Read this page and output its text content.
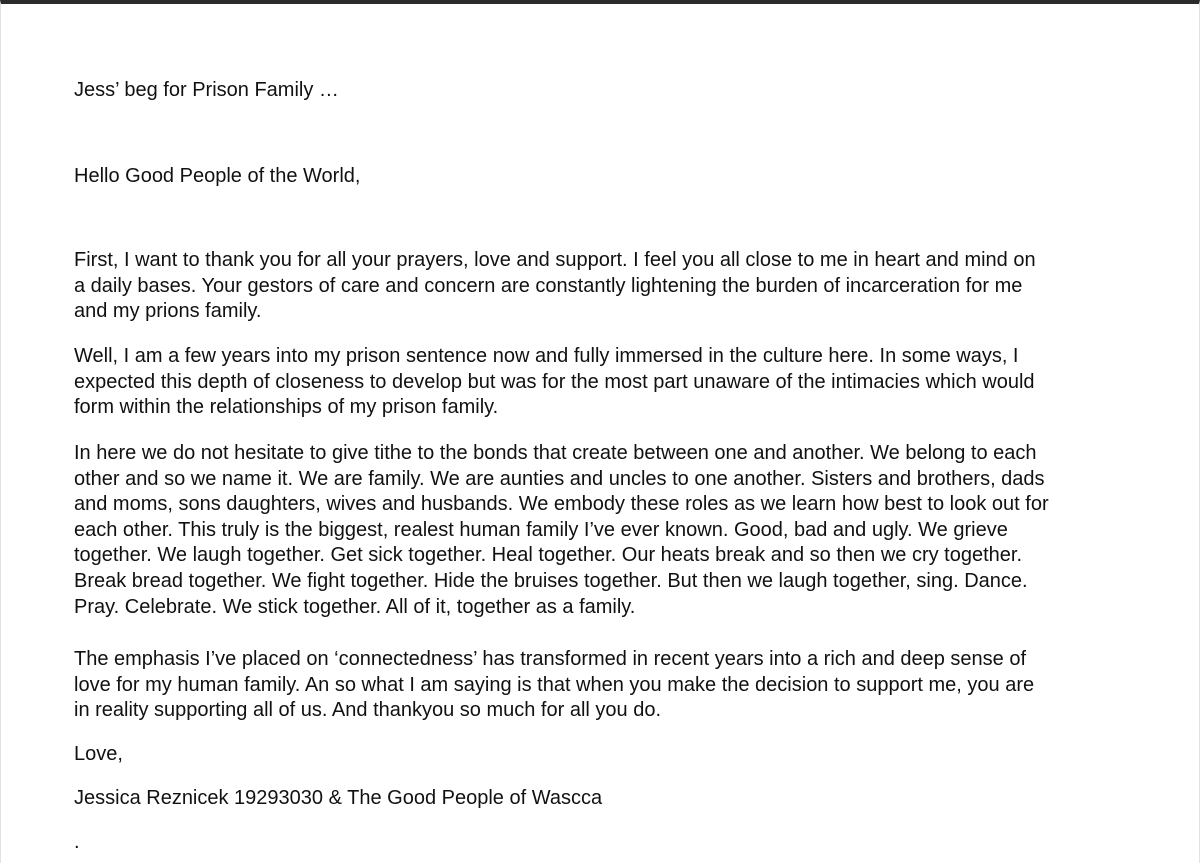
Jess’ beg for Prison Family …

Hello Good People of the World,

First, I want to thank you for all your prayers, love and support. I feel you all close to me in heart and mind on
a daily bases. Your gestors of care and concern are constantly lightening the burden of incarceration for me
and my prions family.

Well, I am a few years into my prison sentence now and fully immersed in the culture here. In some ways, I
expected this depth of closeness to develop but was for the most part unaware of the intimacies which would
form within the relationships of my prison family.

In here we do not hesitate to give tithe to the bonds that create between one and another. We belong to each
other and so we name it. We are family. We are aunties and uncles to one another. Sisters and brothers, dads
and moms, sons daughters, wives and husbands. We embody these roles as we learn how best to look out for
each other. This truly is the biggest, realest human family I’ve ever known. Good, bad and ugly. We grieve
together. We laugh together. Get sick together. Heal together. Our heats break and so then we cry together.
Break bread together. We fight together. Hide the bruises together. But then we laugh together, sing. Dance.
Pray. Celebrate. We stick together. All of it, together as a family.

The emphasis I’ve placed on ‘connectedness’ has transformed in recent years into a rich and deep sense of
love for my human family. An so what I am saying is that when you make the decision to support me, you are
in reality supporting all of us. And thankyou so much for all you do.

Love,

Jessica Reznicek 19293030 & The Good People of Wascca

.
